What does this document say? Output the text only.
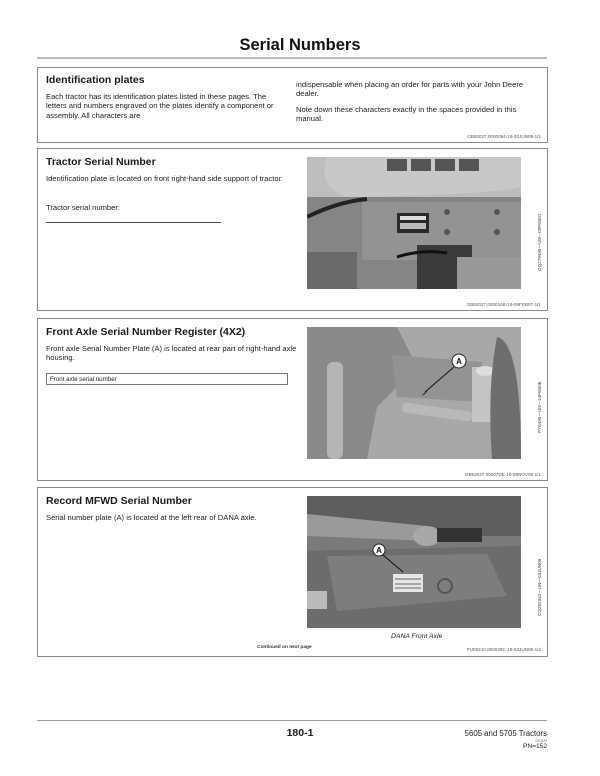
Serial Numbers
Identification plates
Each tractor has its identification plates listed in these pages. The letters and numbers engraved on the plates identify a component or assembly. All characters are
indispensable when placing an order for parts with your John Deere dealer.
Note down these characters exactly in the spaces provided in this manual.
GB52027,0000064-19-30JUN08-1/1
Tractor Serial Number
Identification plate is located on front right-hand side support of tractor.
Tractor serial number:
OQ279495—UN—09FEB07
GB52027,000016B-19-09FEB07-1/1
Front Axle Serial Number Register (4X2)
Front axle Serial Number Plate (A) is located at rear part of right-hand axle housing.
Front axle serial number
A
PY6490—UN—14FEB06
GB52027,00007DE-19-05NOV08-1/1
Record MFWD Serial Number
Serial number plate (A) is located at the left rear of DANA axle.
A
CQ282342—UN—03JUN09
DANA Front Axle
Continued on next page	PU00210,000020C-19-03JUN09-1/2
180-1	5605 and 5705 Tractors
070324
PN=152
